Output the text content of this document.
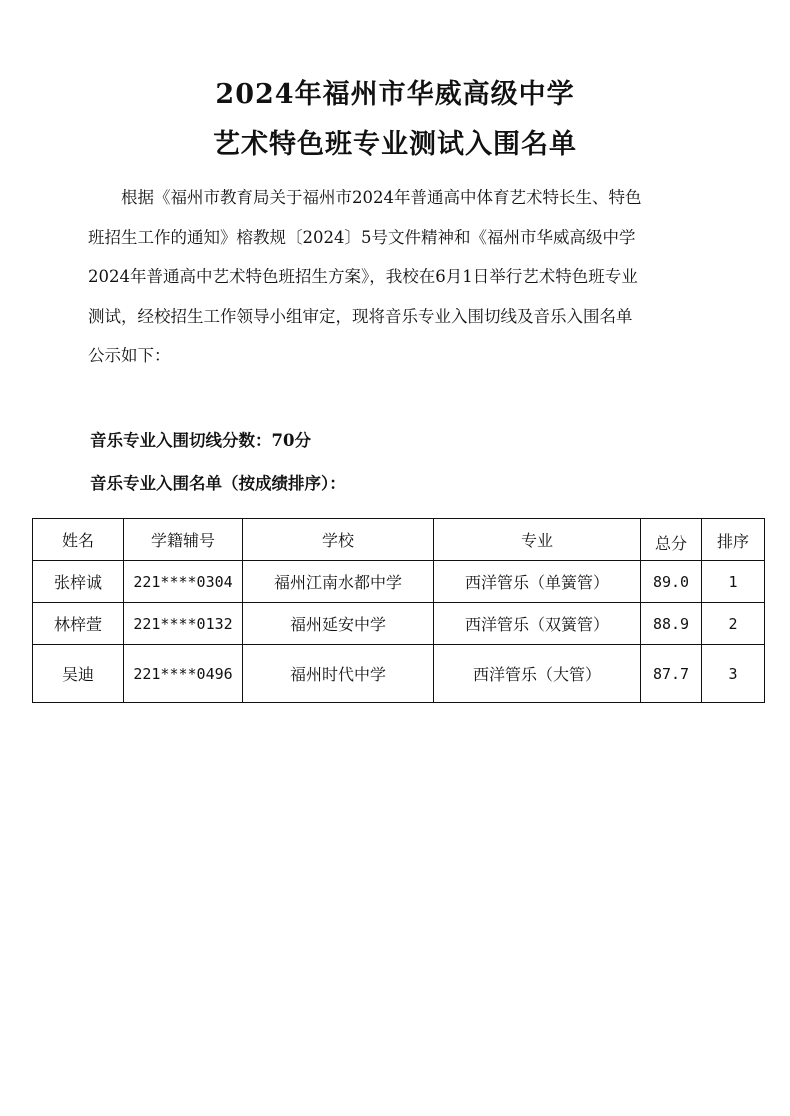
2024年福州市华威高级中学
艺术特色班专业测试入围名单
根据《福州市教育局关于福州市2024年普通高中体育艺术特长生、特色
班招生工作的通知》榕教规〔2024〕5号文件精神和《福州市华威高级中学
2024年普通高中艺术特色班招生方案》，我校在6月1日举行艺术特色班专业
测试，经校招生工作领导小组审定，现将音乐专业入围切线及音乐入围名单
公示如下：
音乐专业入围切线分数：70分
音乐专业入围名单（按成绩排序）：
姓名	学籍辅号	学校	专业	总分	排序
张梓诚	221****0304	福州江南水都中学	西洋管乐（单簧管）	89.0	1
林梓萱	221****0132	福州延安中学	西洋管乐（双簧管）	88.9	2
吴迪	221****0496	福州时代中学	西洋管乐（大管）	87.7	3
